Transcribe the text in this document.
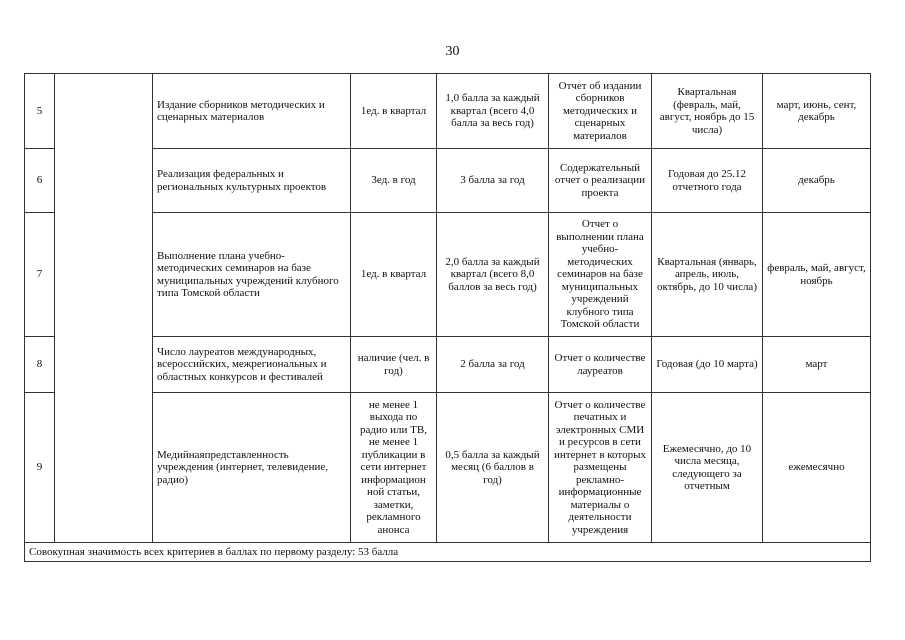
30
5		Издание сборников методических и сценарных материалов	1ед. в квартал	1,0 балла за каждый квартал (всего 4,0 балла за весь год)	Отчет об издании сборников методических и сценарных материалов	Квартальная (февраль, май, август, ноябрь до 15 числа)	март, июнь, сент, декабрь
6		Реализация федеральных и региональных культурных проектов	3ед. в год	3 балла за год	Содержательный отчет о реализации проекта	Годовая до 25.12 отчетного года	декабрь
7		Выполнение плана учебно-методических семинаров на базе муниципальных учреждений клубного типа Томской области	1ед. в квартал	2,0 балла за каждый квартал (всего 8,0 баллов за весь год)	Отчет о выполнении плана учебно-методических семинаров на базе муниципальных учреждений клубного типа Томской области	Квартальная (январь, апрель, июль, октябрь, до 10 числа)	февраль, май, август, ноябрь
8		Число лауреатов международных, всероссийских, межрегиональных и областных конкурсов и фестивалей	наличие (чел. в год)	2 балла за год	Отчет о количестве лауреатов	Годовая (до 10 марта)	март
9		Медийнаяпредставленность учреждения (интернет, телевидение, радио)	не менее 1 выхода по радио или ТВ, не менее 1 публикации в сети интернет информацион ной статьи, заметки, рекламного анонса	0,5 балла за каждый месяц (6 баллов в год)	Отчет о количестве печатных и электронных СМИ и ресурсов в сети интернет в которых размещены рекламно-информационные материалы о деятельности учреждения	Ежемесячно, до 10 числа месяца, следующего за отчетным	ежемесячно
Совокупная значимость всех критериев в баллах по первому разделу: 53 балла							
